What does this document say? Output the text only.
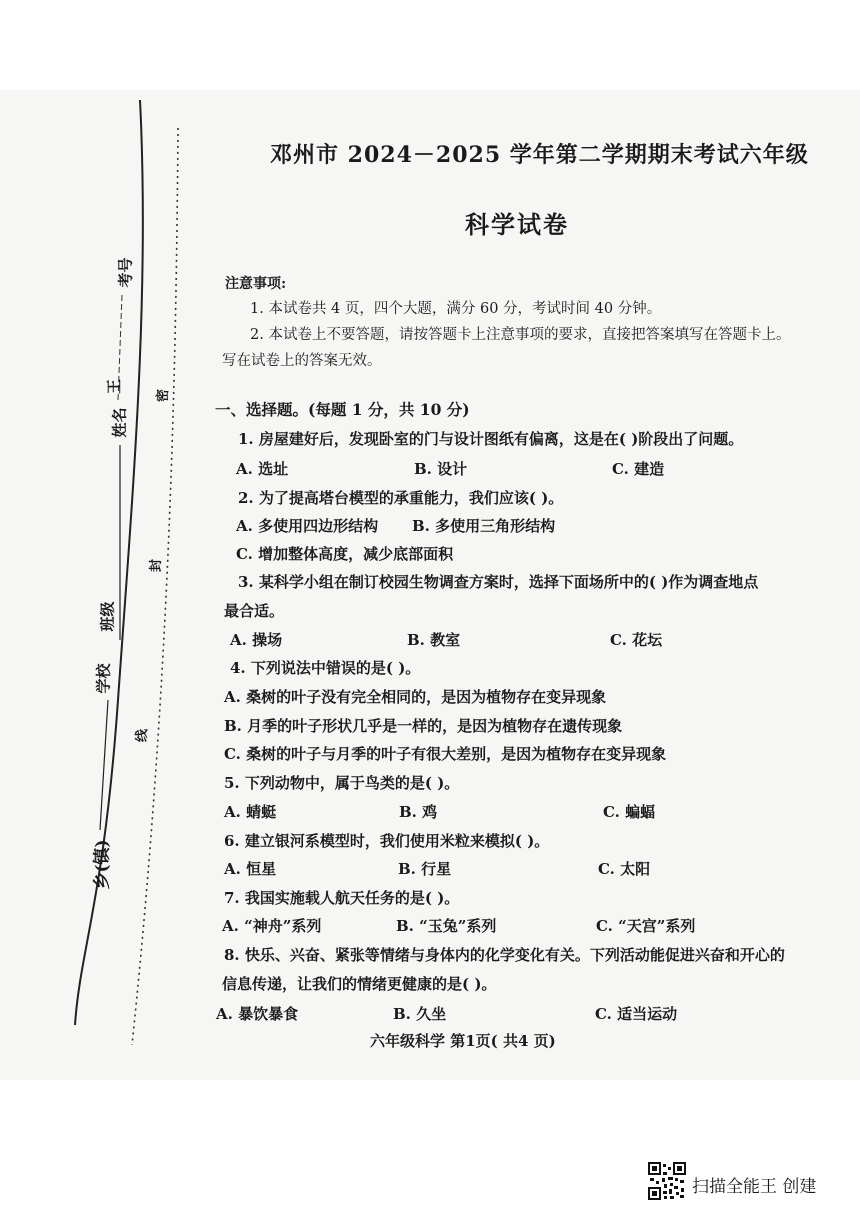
考号
姓名
王
密
封
班级
学校
线
乡(镇)
邓州市 2024－2025 学年第二学期期末考试六年级
科学试卷
注意事项:
1. 本试卷共 4 页，四个大题，满分 60 分，考试时间 40 分钟。
2. 本试卷上不要答题，请按答题卡上注意事项的要求，直接把答案填写在答题卡上。
写在试卷上的答案无效。
一、选择题。(每题 1 分，共 10 分)
1. 房屋建好后，发现卧室的门与设计图纸有偏离，这是在( )阶段出了问题。
A. 选址	B. 设计	C. 建造
2. 为了提高塔台模型的承重能力，我们应该( )。
A. 多使用四边形结构 B. 多使用三角形结构
C. 增加整体高度，减少底部面积
3. 某科学小组在制订校园生物调查方案时，选择下面场所中的( )作为调查地点
最合适。
A. 操场	B. 教室	C. 花坛
4. 下列说法中错误的是( )。
A. 桑树的叶子没有完全相同的，是因为植物存在变异现象
B. 月季的叶子形状几乎是一样的，是因为植物存在遗传现象
C. 桑树的叶子与月季的叶子有很大差别，是因为植物存在变异现象
5. 下列动物中，属于鸟类的是( )。
A. 蜻蜓	B. 鸡	C. 蝙蝠
6. 建立银河系模型时，我们使用米粒来模拟( )。
A. 恒星	B. 行星	C. 太阳
7. 我国实施载人航天任务的是( )。
A. “神舟”系列	B. “玉兔”系列	C. “天宫”系列
8. 快乐、兴奋、紧张等情绪与身体内的化学变化有关。下列活动能促进兴奋和开心的
信息传递，让我们的情绪更健康的是( )。
A. 暴饮暴食	B. 久坐	C. 适当运动
六年级科学 第1页( 共4 页)
扫描全能王 创建
